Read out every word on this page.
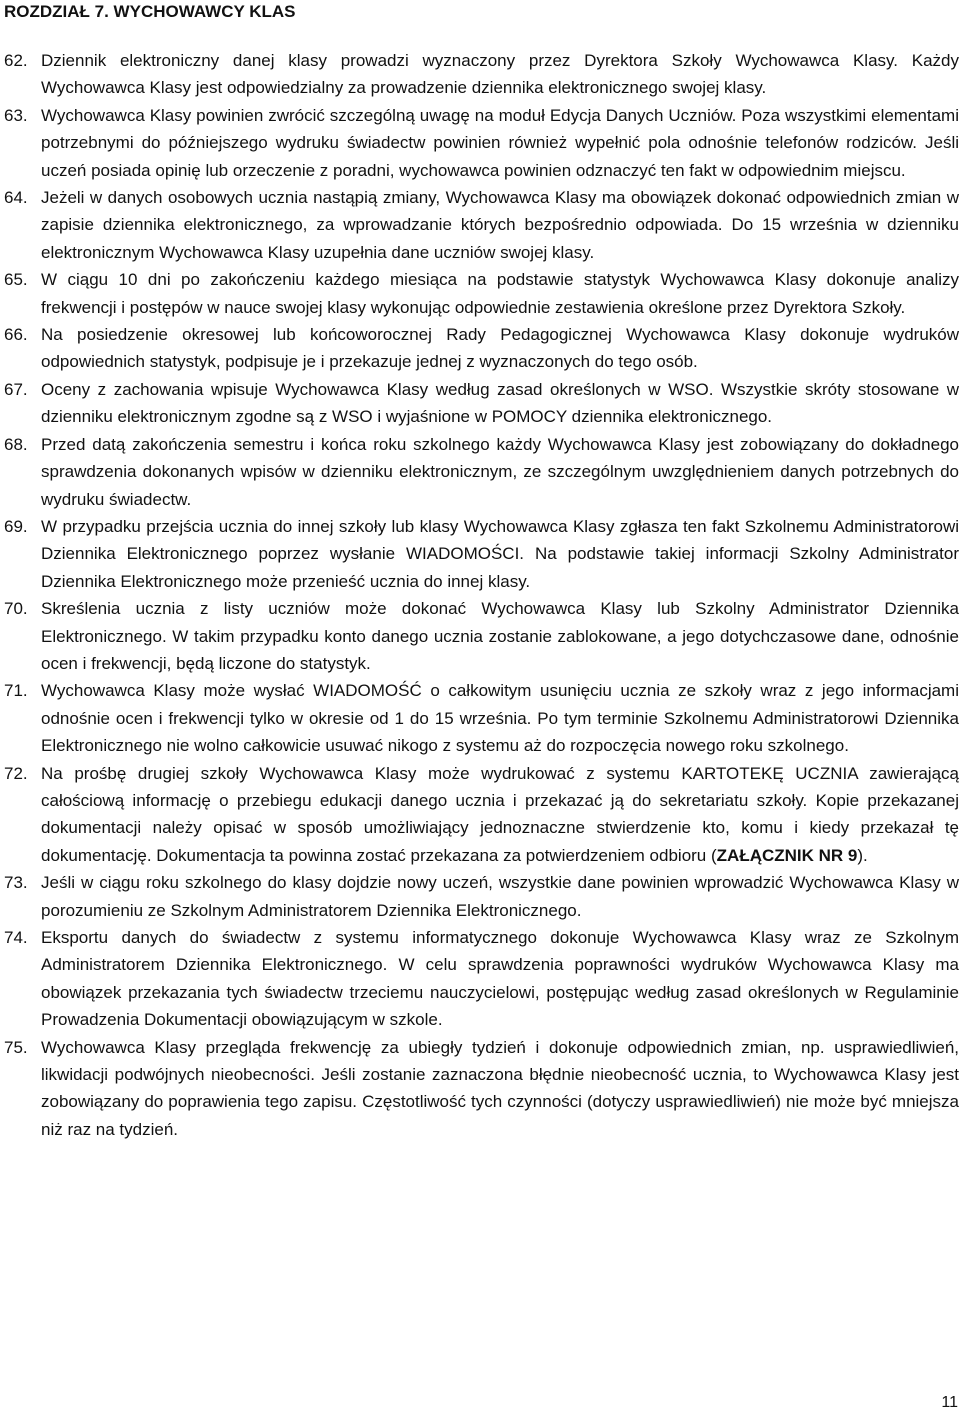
ROZDZIAŁ 7. WYCHOWAWCY KLAS
62. Dziennik elektroniczny danej klasy prowadzi wyznaczony przez Dyrektora Szkoły Wychowawca Klasy. Każdy Wychowawca Klasy jest odpowiedzialny za prowadzenie dziennika elektronicznego swojej klasy.
63. Wychowawca Klasy powinien zwrócić szczególną uwagę na moduł Edycja Danych Uczniów. Poza wszystkimi elementami potrzebnymi do późniejszego wydruku świadectw powinien również wypełnić pola odnośnie telefonów rodziców. Jeśli uczeń posiada opinię lub orzeczenie z poradni, wychowawca powinien odznaczyć ten fakt w odpowiednim miejscu.
64. Jeżeli w danych osobowych ucznia nastąpią zmiany, Wychowawca Klasy ma obowiązek dokonać odpowiednich zmian w zapisie dziennika elektronicznego, za wprowadzanie których bezpośrednio odpowiada. Do 15 września w dzienniku elektronicznym Wychowawca Klasy uzupełnia dane uczniów swojej klasy.
65. W ciągu 10 dni po zakończeniu każdego miesiąca na podstawie statystyk Wychowawca Klasy dokonuje analizy frekwencji i postępów w nauce swojej klasy wykonując odpowiednie zestawienia określone przez Dyrektora Szkoły.
66. Na posiedzenie okresowej lub końcoworocznej Rady Pedagogicznej Wychowawca Klasy dokonuje wydruków odpowiednich statystyk, podpisuje je i przekazuje jednej z wyznaczonych do tego osób.
67. Oceny z zachowania wpisuje Wychowawca Klasy według zasad określonych w WSO. Wszystkie skróty stosowane w dzienniku elektronicznym zgodne są z WSO i wyjaśnione w POMOCY dziennika elektronicznego.
68. Przed datą zakończenia semestru i końca roku szkolnego każdy Wychowawca Klasy jest zobowiązany do dokładnego sprawdzenia dokonanych wpisów w dzienniku elektronicznym, ze szczególnym uwzględnieniem danych potrzebnych do wydruku świadectw.
69. W przypadku przejścia ucznia do innej szkoły lub klasy Wychowawca Klasy zgłasza ten fakt Szkolnemu Administratorowi Dziennika Elektronicznego poprzez wysłanie WIADOMOŚCI. Na podstawie takiej informacji Szkolny Administrator Dziennika Elektronicznego może przenieść ucznia do innej klasy.
70. Skreślenia ucznia z listy uczniów może dokonać Wychowawca Klasy lub Szkolny Administrator Dziennika Elektronicznego. W takim przypadku konto danego ucznia zostanie zablokowane, a jego dotychczasowe dane, odnośnie ocen i frekwencji, będą liczone do statystyk.
71. Wychowawca Klasy może wysłać WIADOMOŚĆ o całkowitym usunięciu ucznia ze szkoły wraz z jego informacjami odnośnie ocen i frekwencji tylko w okresie od 1 do 15 września. Po tym terminie Szkolnemu Administratorowi Dziennika Elektronicznego nie wolno całkowicie usuwać nikogo z systemu aż do rozpoczęcia nowego roku szkolnego.
72. Na prośbę drugiej szkoły Wychowawca Klasy może wydrukować z systemu KARTOTEKĘ UCZNIA zawierającą całościową informację o przebiegu edukacji danego ucznia i przekazać ją do sekretariatu szkoły. Kopie przekazanej dokumentacji należy opisać w sposób umożliwiający jednoznaczne stwierdzenie kto, komu i kiedy przekazał tę dokumentację. Dokumentacja ta powinna zostać przekazana za potwierdzeniem odbioru (ZAŁĄCZNIK NR 9).
73. Jeśli w ciągu roku szkolnego do klasy dojdzie nowy uczeń, wszystkie dane powinien wprowadzić Wychowawca Klasy w porozumieniu ze Szkolnym Administratorem Dziennika Elektronicznego.
74. Eksportu danych do świadectw z systemu informatycznego dokonuje Wychowawca Klasy wraz ze Szkolnym Administratorem Dziennika Elektronicznego. W celu sprawdzenia poprawności wydruków Wychowawca Klasy ma obowiązek przekazania tych świadectw trzeciemu nauczycielowi, postępując według zasad określonych w Regulaminie Prowadzenia Dokumentacji obowiązującym w szkole.
75. Wychowawca Klasy przegląda frekwencję za ubiegły tydzień i dokonuje odpowiednich zmian, np. usprawiedliwień, likwidacji podwójnych nieobecności. Jeśli zostanie zaznaczona błędnie nieobecność ucznia, to Wychowawca Klasy jest zobowiązany do poprawienia tego zapisu. Częstotliwość tych czynności (dotyczy usprawiedliwień) nie może być mniejsza niż raz na tydzień.
11
